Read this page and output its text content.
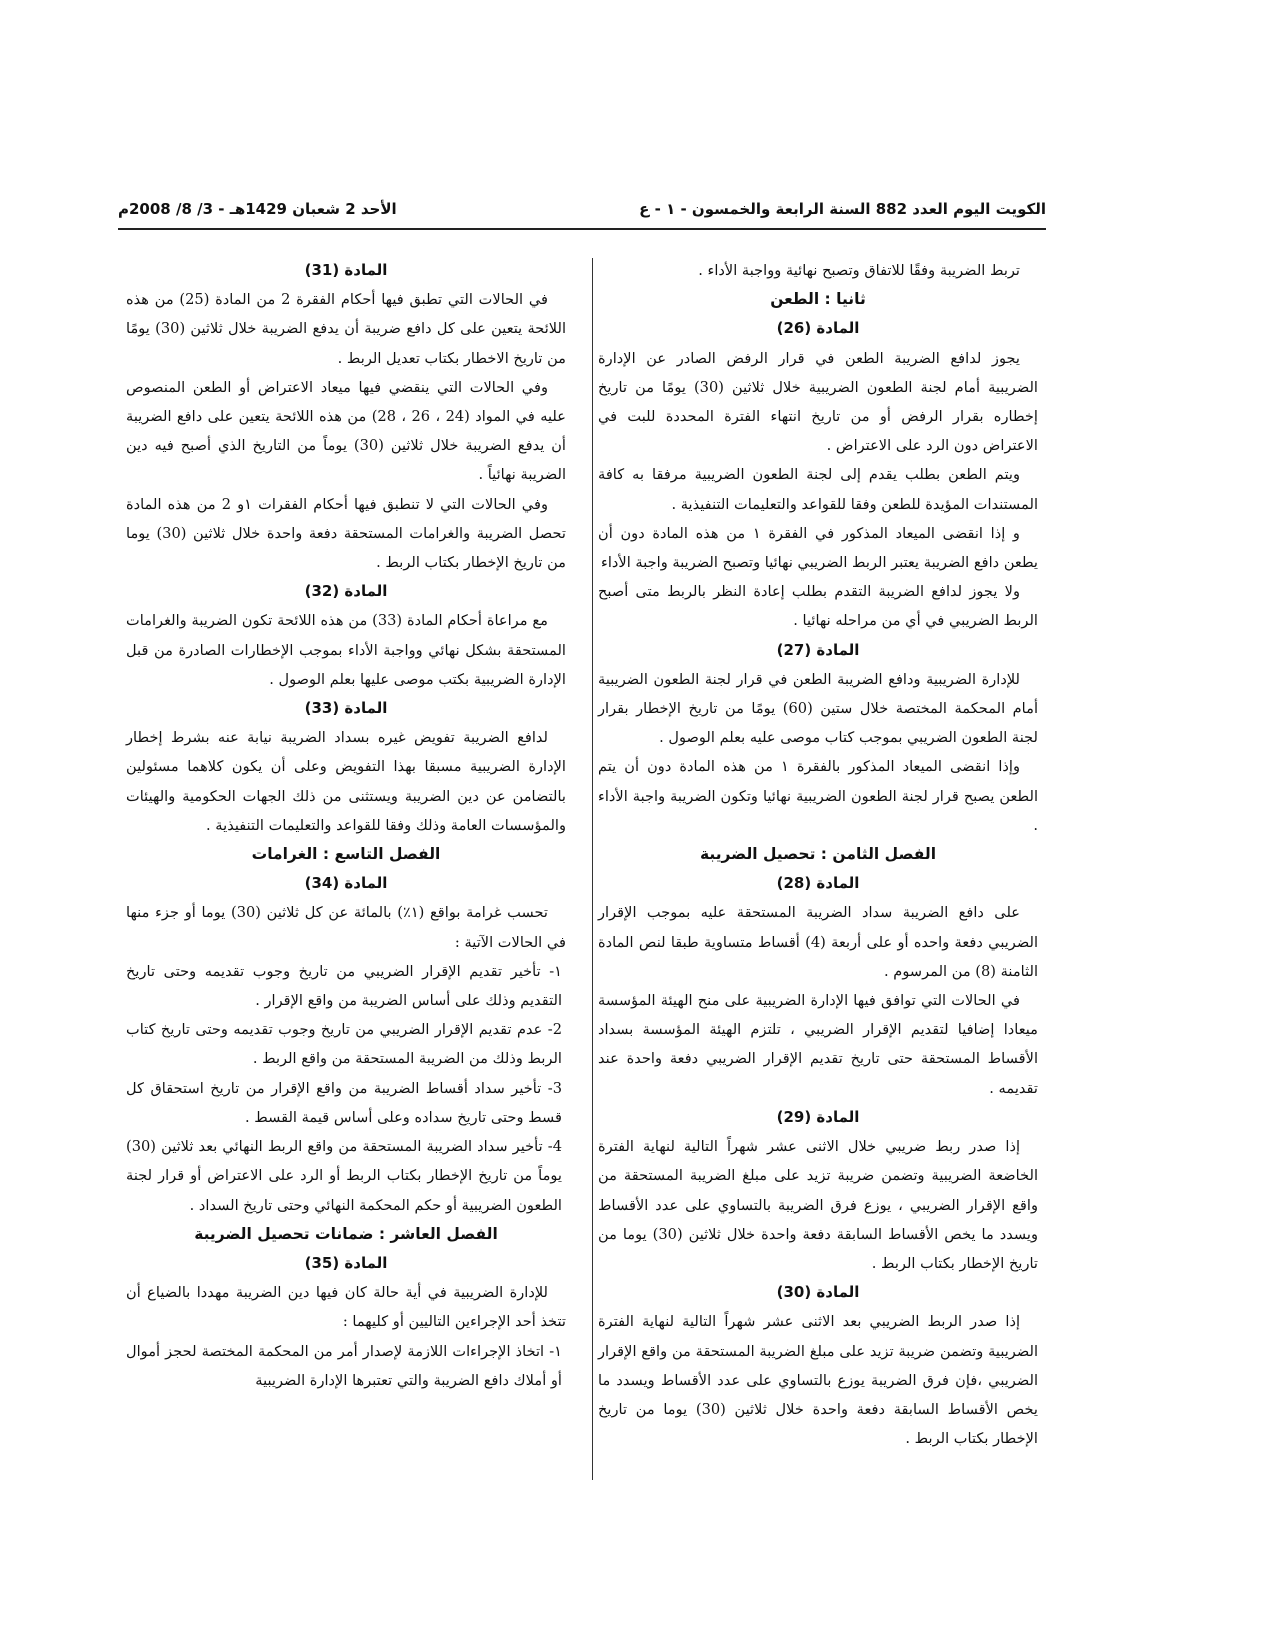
الكويت اليوم العدد 882 السنة الرابعة والخمسون - ١ - ع
الأحد 2 شعبان 1429هـ - 3/ 8/ 2008م

تربط الضريبة وفقًا للاتفاق وتصبح نهائية وواجبة الأداء .

ثانيا : الطعن
المادة (26)

يجوز لدافع الضريبة الطعن في قرار الرفض الصادر عن الإدارة الضريبية أمام لجنة الطعون الضريبية خلال ثلاثين (30) يومًا من تاريخ إخطاره بقرار الرفض أو من تاريخ انتهاء الفترة المحددة للبت في الاعتراض دون الرد على الاعتراض .

ويتم الطعن بطلب يقدم إلى لجنة الطعون الضريبية مرفقا به كافة المستندات المؤيدة للطعن وفقا للقواعد والتعليمات التنفيذية .

و إذا انقضى الميعاد المذكور في الفقرة ١ من هذه المادة دون أن يطعن دافع الضريبة يعتبر الربط الضريبي نهائيا وتصبح الضريبة واجبة الأداء

ولا يجوز لدافع الضريبة التقدم بطلب إعادة النظر بالربط متى أصبح الربط الضريبي في أي من مراحله نهائيا .

المادة (27)

للإدارة الضريبية ودافع الضريبة الطعن في قرار لجنة الطعون الضريبية أمام المحكمة المختصة خلال ستين (60) يومًا من تاريخ الإخطار بقرار لجنة الطعون الضريبي بموجب كتاب موصى عليه بعلم الوصول .

وإذا انقضى الميعاد المذكور بالفقرة ١ من هذه المادة دون أن يتم الطعن يصبح قرار لجنة الطعون الضريبية نهائيا وتكون الضريبة واجبة الأداء .

الفصل الثامن : تحصيل الضريبة
المادة (28)

على دافع الضريبة سداد الضريبة المستحقة عليه بموجب الإقرار الضريبي دفعة واحده أو على أربعة (4) أقساط متساوية طبقا لنص المادة الثامنة (8) من المرسوم .

في الحالات التي توافق فيها الإدارة الضريبية على منح الهيئة المؤسسة ميعادا إضافيا لتقديم الإقرار الضريبي ، تلتزم الهيئة المؤسسة بسداد الأقساط المستحقة حتى تاريخ تقديم الإقرار الضريبي دفعة واحدة عند تقديمه .

المادة (29)

إذا صدر ربط ضريبي خلال الاثنى عشر شهراً التالية لنهاية الفترة الخاضعة الضريبية وتضمن ضريبة تزيد على مبلغ الضريبة المستحقة من واقع الإقرار الضريبي ، يوزع فرق الضريبة بالتساوي على عدد الأقساط ويسدد ما يخص الأقساط السابقة دفعة واحدة خلال ثلاثين (30) يوما من تاريخ الإخطار بكتاب الربط .

المادة (30)

إذا صدر الربط الضريبي بعد الاثنى عشر شهراً التالية لنهاية الفترة الضريبية وتضمن ضريبة تزيد على مبلغ الضريبة المستحقة من واقع الإقرار الضريبي ،فإن فرق الضريبة يوزع بالتساوي على عدد الأقساط ويسدد ما يخص الأقساط السابقة دفعة واحدة خلال ثلاثين (30) يوما من تاريخ الإخطار بكتاب الربط .

المادة (31)

في الحالات التي تطبق فيها أحكام الفقرة 2 من المادة (25) من هذه اللائحة يتعين على كل دافع ضريبة أن يدفع الضريبة خلال ثلاثين (30) يومًا من تاريخ الاخطار بكتاب تعديل الربط .

وفي الحالات التي ينقضي فيها ميعاد الاعتراض أو الطعن المنصوص عليه في المواد (24 ، 26 ، 28) من هذه اللائحة يتعين على دافع الضريبة أن يدفع الضريبة خلال ثلاثين (30) يوماً من التاريخ الذي أصبح فيه دين الضريبة نهائياً .

وفي الحالات التي لا تنطبق فيها أحكام الفقرات ١و 2 من هذه المادة تحصل الضريبة والغرامات المستحقة دفعة واحدة خلال ثلاثين (30) يوما من تاريخ الإخطار بكتاب الربط .

المادة (32)

مع مراعاة أحكام المادة (33) من هذه اللائحة تكون الضريبة والغرامات المستحقة بشكل نهائي وواجبة الأداء بموجب الإخطارات الصادرة من قبل الإدارة الضريبية بكتب موصى عليها بعلم الوصول .

المادة (33)

لدافع الضريبة تفويض غيره بسداد الضريبة نيابة عنه بشرط إخطار الإدارة الضريبية مسبقا بهذا التفويض وعلى أن يكون كلاهما مسئولين بالتضامن عن دين الضريبة ويستثنى من ذلك الجهات الحكومية والهيئات والمؤسسات العامة وذلك وفقا للقواعد والتعليمات التنفيذية .

الفصل التاسع : الغرامات
المادة (34)

تحسب غرامة بواقع (١٪) بالمائة عن كل ثلاثين (30) يوما أو جزء منها في الحالات الآتية :

١- تأخير تقديم الإقرار الضريبي من تاريخ وجوب تقديمه وحتى تاريخ التقديم وذلك على أساس الضريبة من واقع الإقرار .

2- عدم تقديم الإقرار الضريبي من تاريخ وجوب تقديمه وحتى تاريخ كتاب الربط وذلك من الضريبة المستحقة من واقع الربط .

3- تأخير سداد أقساط الضريبة من واقع الإقرار من تاريخ استحقاق كل قسط وحتى تاريخ سداده وعلى أساس قيمة القسط .

4- تأخير سداد الضريبة المستحقة من واقع الربط النهائي بعد ثلاثين (30) يوماً من تاريخ الإخطار بكتاب الربط أو الرد على الاعتراض أو قرار لجنة الطعون الضريبية أو حكم المحكمة النهائي وحتى تاريخ السداد .

الفصل العاشر : ضمانات تحصيل الضريبة
المادة (35)

للإدارة الضريبية في أية حالة كان فيها دين الضريبة مهددا بالضياع أن تتخذ أحد الإجراءين التاليين أو كليهما :

١- اتخاذ الإجراءات اللازمة لإصدار أمر من المحكمة المختصة لحجز أموال أو أملاك دافع الضريبة والتي تعتبرها الإدارة الضريبية
